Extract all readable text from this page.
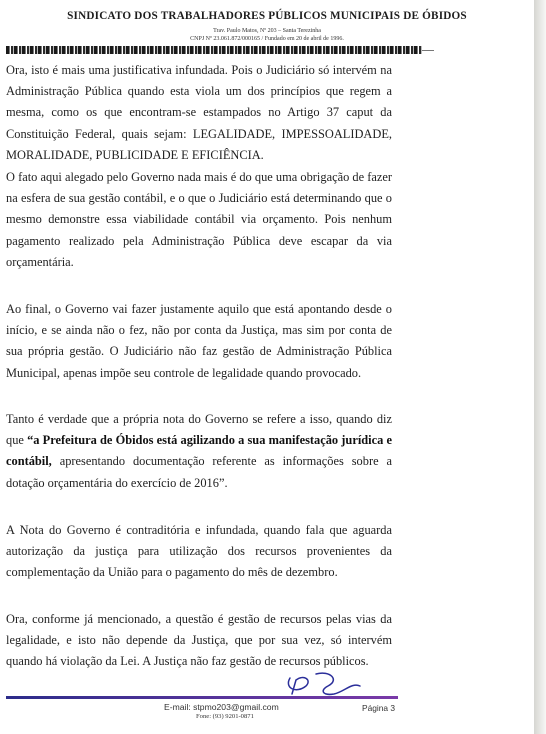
SINDICATO DOS TRABALHADORES PÚBLICOS MUNICIPAIS DE ÓBIDOS
Trav. Paulo Matos, Nº 203 – Santa Terezinha
CNPJ Nº 23.061.872/000165 / Fundado em 20 de abril de 1996.

Ora, isto é mais uma justificativa infundada. Pois o Judiciário só intervém na Administração Pública quando esta viola um dos princípios que regem a mesma, como os que encontram-se estampados no Artigo 37 caput da Constituição Federal, quais sejam: LEGALIDADE, IMPESSOALIDADE, MORALIDADE, PUBLICIDADE E EFICIÊNCIA.

O fato aqui alegado pelo Governo nada mais é do que uma obrigação de fazer na esfera de sua gestão contábil, e o que o Judiciário está determinando que o mesmo demonstre essa viabilidade contábil via orçamento. Pois nenhum pagamento realizado pela Administração Pública deve escapar da via orçamentária.

Ao final, o Governo vai fazer justamente aquilo que está apontando desde o início, e se ainda não o fez, não por conta da Justiça, mas sim por conta de sua própria gestão. O Judiciário não faz gestão de Administração Pública Municipal, apenas impõe seu controle de legalidade quando provocado.

Tanto é verdade que a própria nota do Governo se refere a isso, quando diz que “a Prefeitura de Óbidos está agilizando a sua manifestação jurídica e contábil, apresentando documentação referente as informações sobre a dotação orçamentária do exercício de 2016”.

A Nota do Governo é contraditória e infundada, quando fala que aguarda autorização da justiça para utilização dos recursos provenientes da complementação da União para o pagamento do mês de dezembro.

Ora, conforme já mencionado, a questão é gestão de recursos pelas vias da legalidade, e isto não depende da Justiça, que por sua vez, só intervém quando há violação da Lei. A Justiça não faz gestão de recursos públicos.

E-mail: stpmo203@gmail.com
Fone: (93) 9201-0871
Página 3
